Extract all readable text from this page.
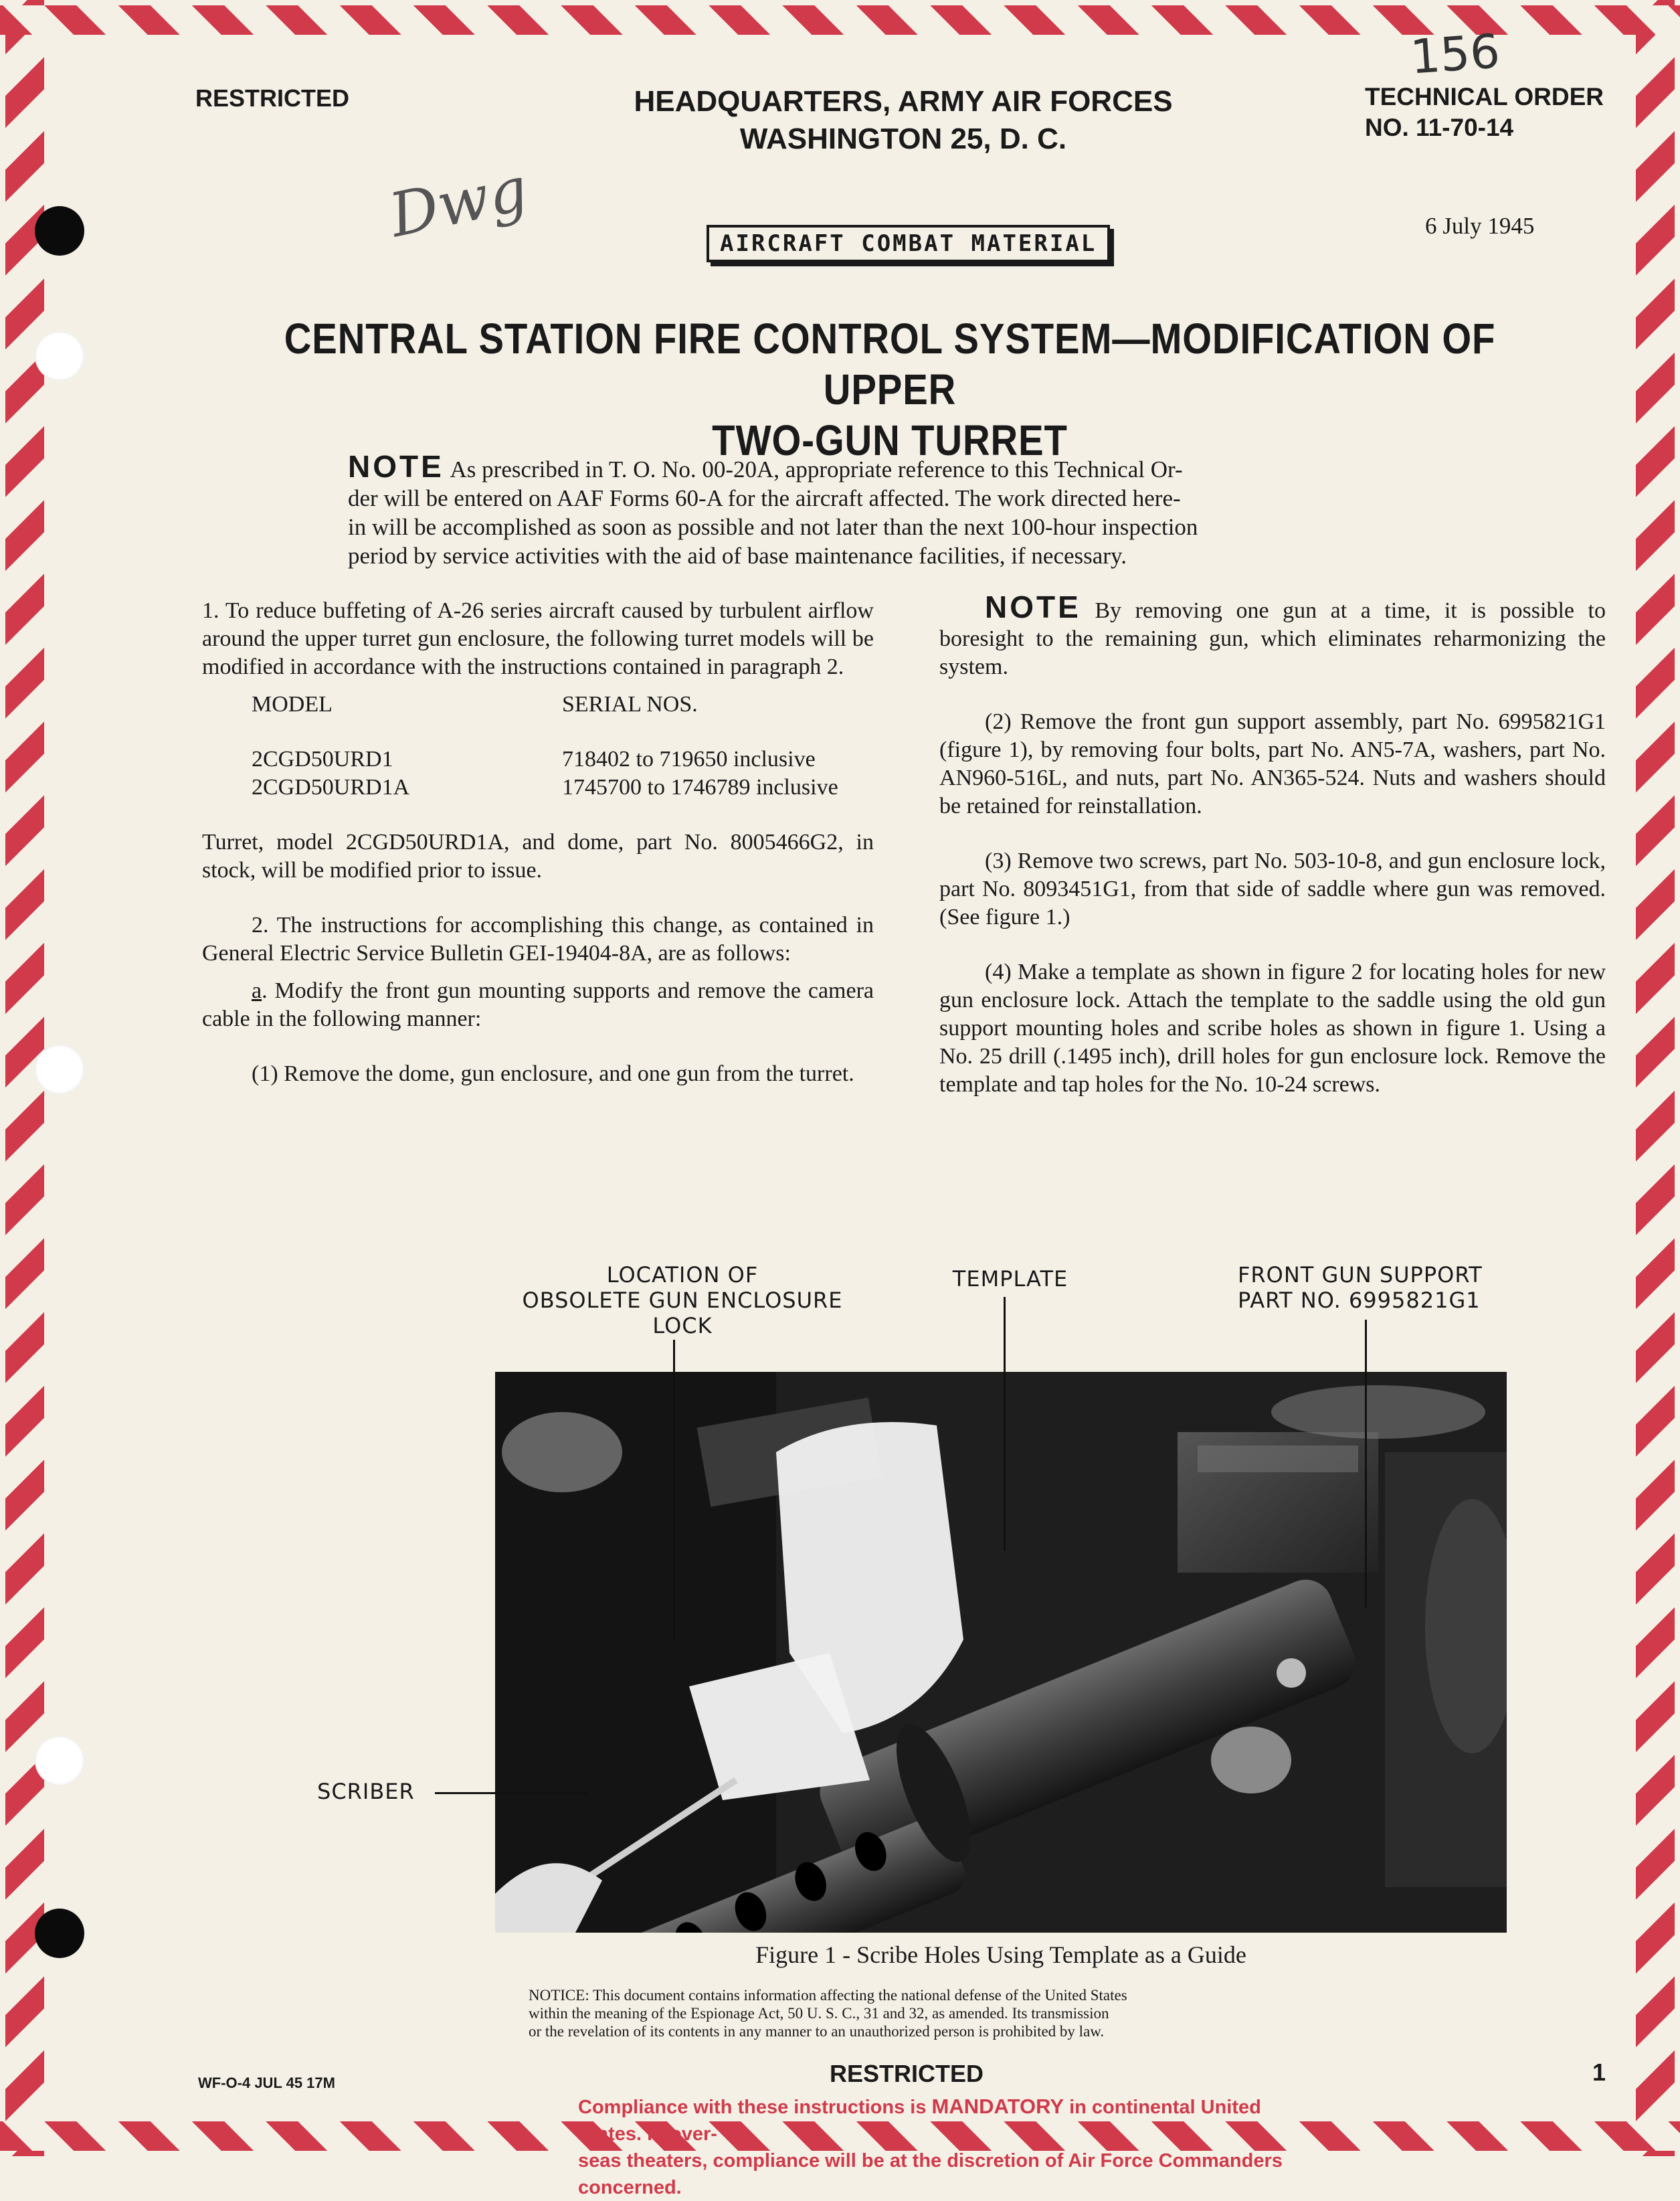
RESTRICTED	HEADQUARTERS, ARMY AIR FORCES
WASHINGTON 25, D. C.
TECHNICAL ORDER
NO. 11-70-14
156
Dwg	AIRCRAFT COMBAT MATERIAL
6 July 1945
CENTRAL STATION FIRE CONTROL SYSTEM—MODIFICATION OF UPPER
TWO-GUN TURRET
NOTE As prescribed in T. O. No. 00-20A, appropriate reference to this Technical Or-
der will be entered on AAF Forms 60-A for the aircraft affected. The work directed here-
in will be accomplished as soon as possible and not later than the next 100-hour inspection
period by service activities with the aid of base maintenance facilities, if necessary.

1. To reduce buffeting of A-26 series aircraft caused by turbulent airflow around the upper turret gun enclosure, the following turret models will be modified in accordance with the instructions contained in paragraph 2.

MODEL	SERIAL NOS.

2CGD50URD1	718402 to 719650 inclusive
2CGD50URD1A	1745700 to 1746789 inclusive

Turret, model 2CGD50URD1A, and dome, part No. 8005466G2, in stock, will be modified prior to issue.

2. The instructions for accomplishing this change, as contained in General Electric Service Bulletin GEI-19404-8A, are as follows:

a. Modify the front gun mounting supports and remove the camera cable in the following manner:

(1) Remove the dome, gun enclosure, and one gun from the turret.

NOTE By removing one gun at a time, it is possible to boresight to the remaining gun, which eliminates reharmonizing the system.

(2) Remove the front gun support assembly, part No. 6995821G1 (figure 1), by removing four bolts, part No. AN5-7A, washers, part No. AN960-516L, and nuts, part No. AN365-524. Nuts and washers should be retained for reinstallation.

(3) Remove two screws, part No. 503-10-8, and gun enclosure lock, part No. 8093451G1, from that side of saddle where gun was removed. (See figure 1.)

(4) Make a template as shown in figure 2 for locating holes for new gun enclosure lock. Attach the template to the saddle using the old gun support mounting holes and scribe holes as shown in figure 1. Using a No. 25 drill (.1495 inch), drill holes for gun enclosure lock. Remove the template and tap holes for the No. 10-24 screws.

LOCATION OF
OBSOLETE GUN ENCLOSURE
LOCK
TEMPLATE	FRONT GUN SUPPORT
PART NO. 6995821G1
SCRIBER
Figure 1 - Scribe Holes Using Template as a Guide
NOTICE: This document contains information affecting the national defense of the United States
within the meaning of the Espionage Act, 50 U. S. C., 31 and 32, as amended. Its transmission
or the revelation of its contents in any manner to an unauthorized person is prohibited by law.
WF-O-4 JUL 45 17M	RESTRICTED	1
Compliance with these instructions is MANDATORY in continental United States. In over-
seas theaters, compliance will be at the discretion of Air Force Commanders concerned.
